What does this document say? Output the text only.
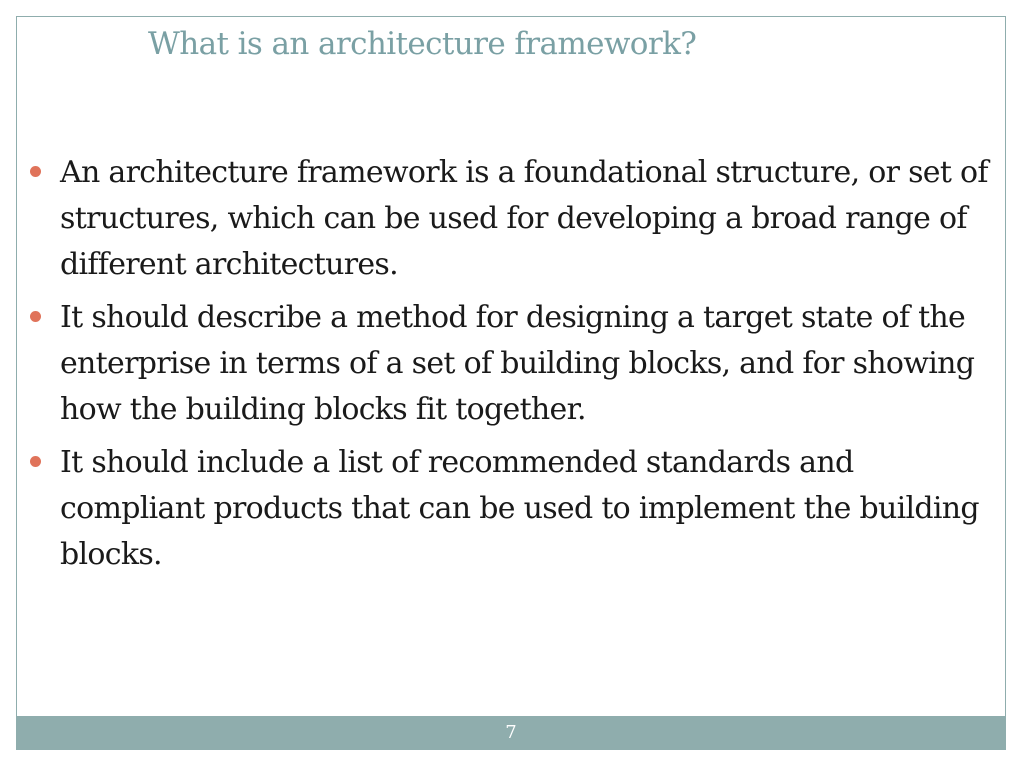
What is an architecture framework?
An architecture framework is a foundational structure, or set of structures, which can be used for developing a broad range of different architectures.
It should describe a method for designing a target state of the enterprise in terms of a set of building blocks, and for showing how the building blocks fit together.
It should include a list of recommended standards and compliant products that can be used to implement the building blocks.
7
